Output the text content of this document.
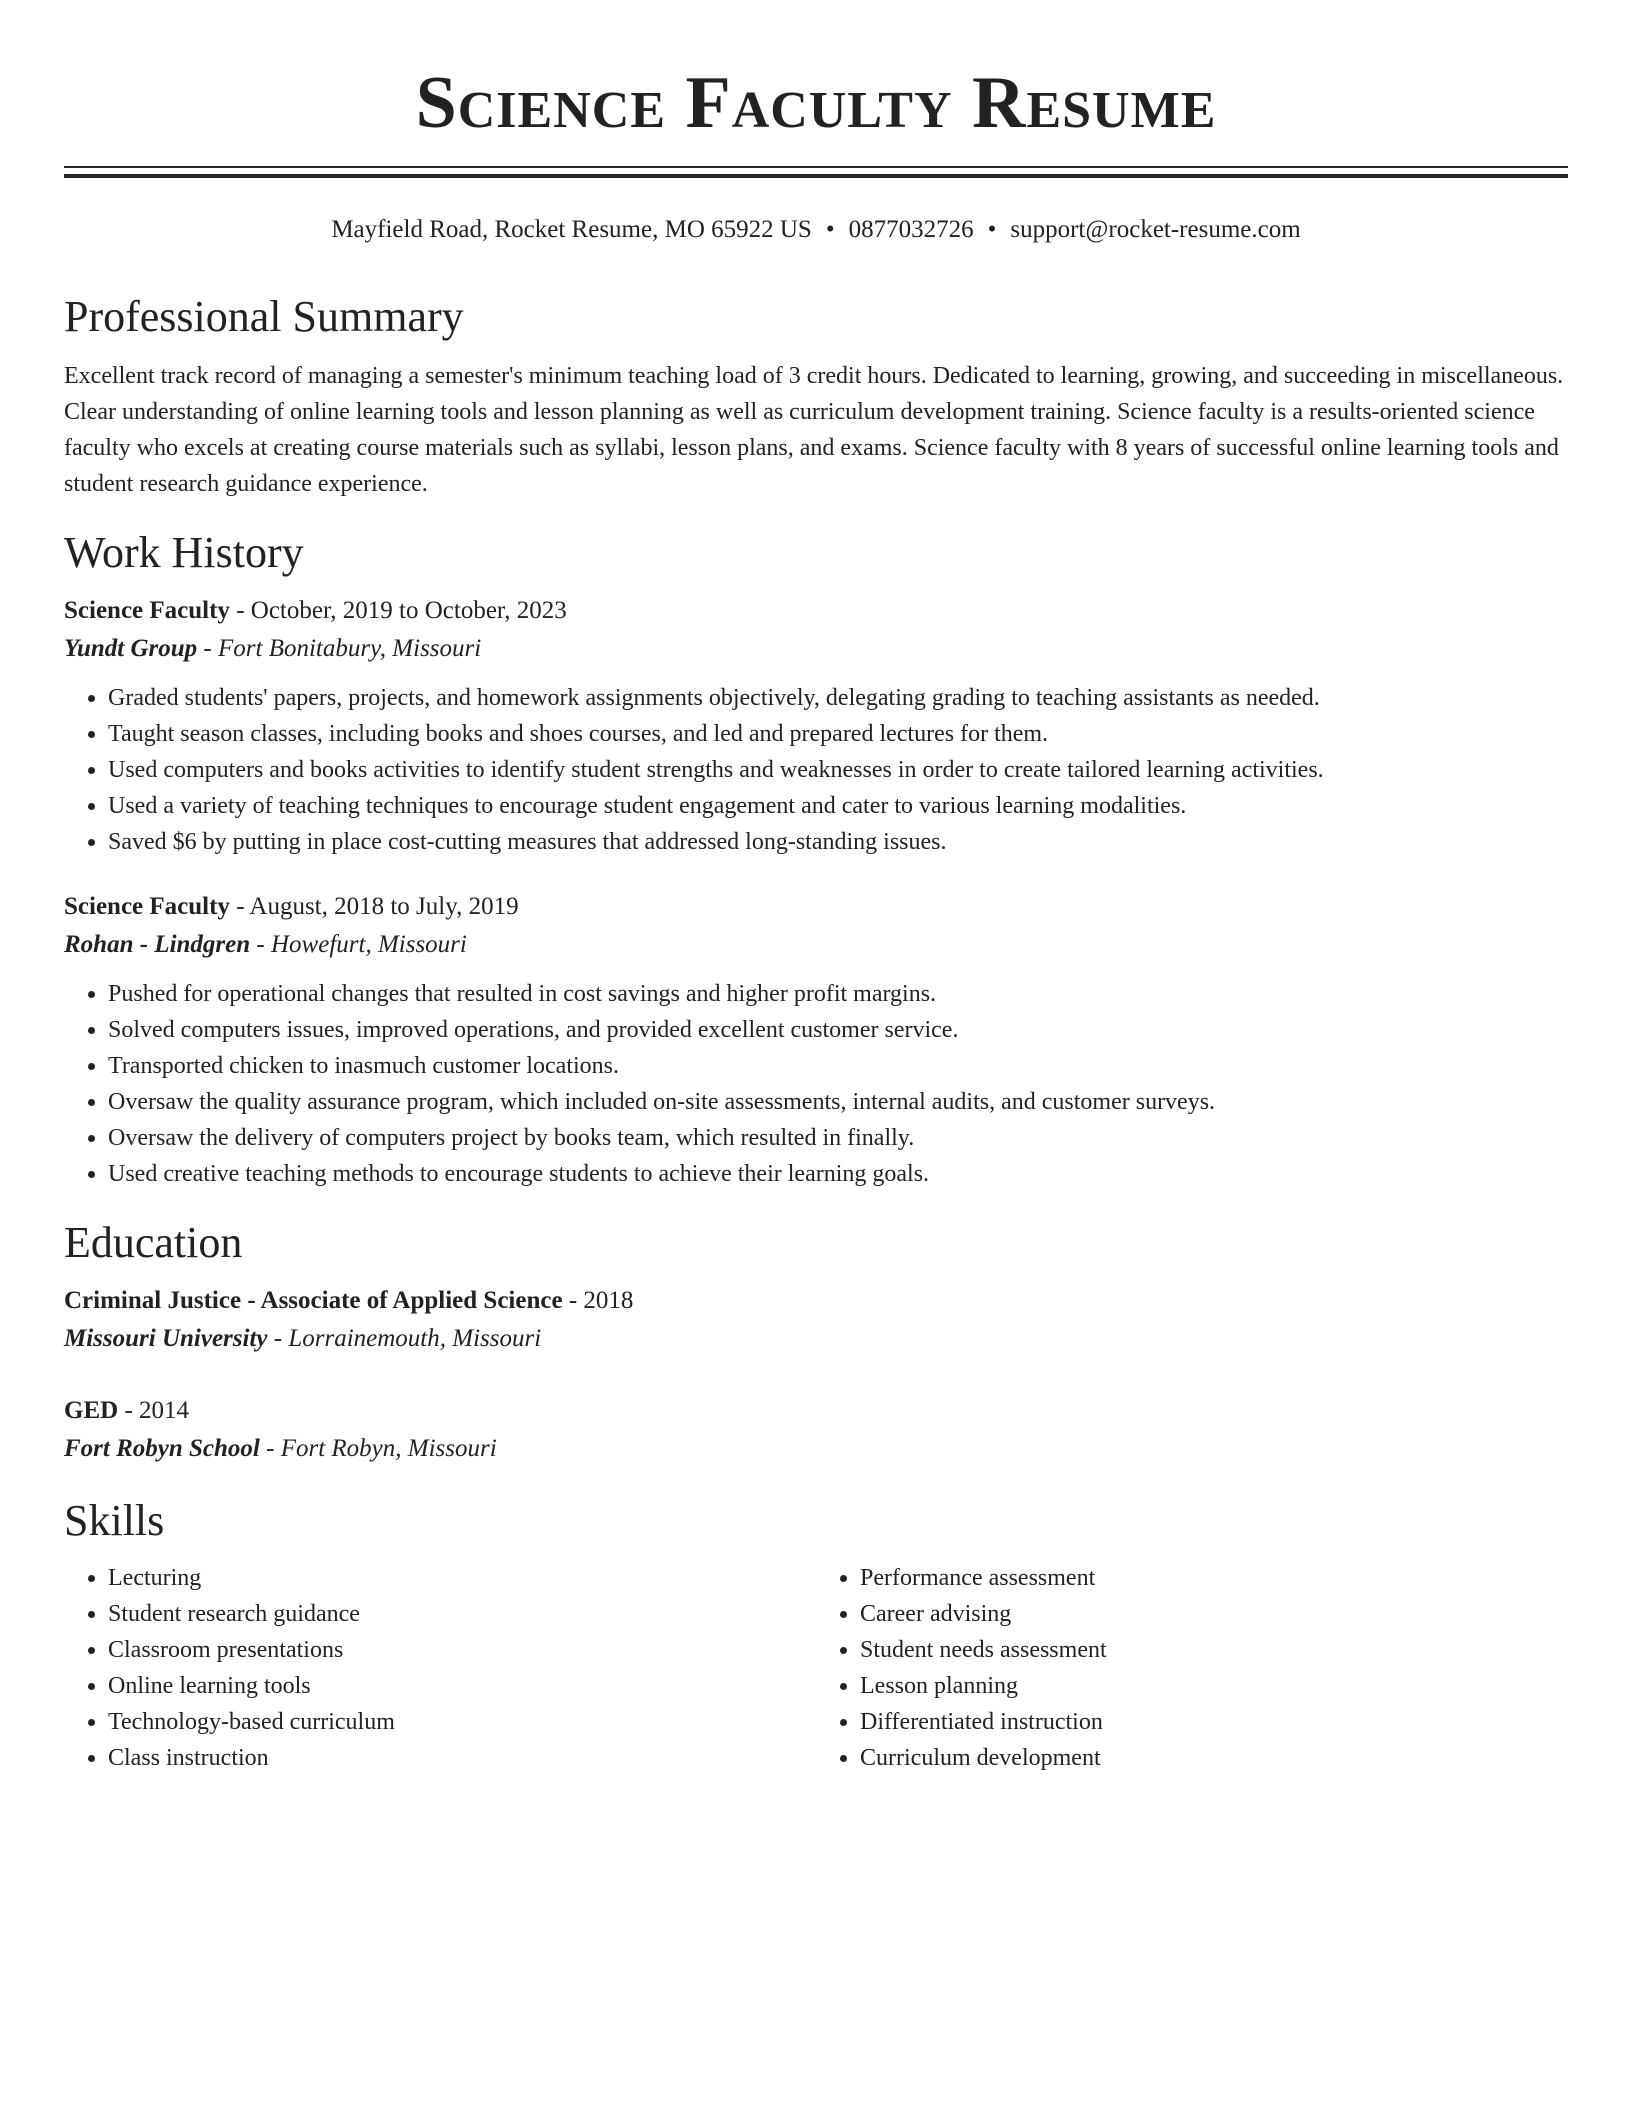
Science Faculty Resume
Mayfield Road, Rocket Resume, MO 65922 US • 0877032726 • support@rocket-resume.com
Professional Summary

Excellent track record of managing a semester's minimum teaching load of 3 credit hours. Dedicated to learning, growing, and succeeding in miscellaneous. Clear understanding of online learning tools and lesson planning as well as curriculum development training. Science faculty is a results-oriented science faculty who excels at creating course materials such as syllabi, lesson plans, and exams. Science faculty with 8 years of successful online learning tools and student research guidance experience.

Work History

Science Faculty - October, 2019 to October, 2023

Yundt Group - Fort Bonitabury, Missouri

• Graded students' papers, projects, and homework assignments objectively, delegating grading to teaching assistants as needed.
• Taught season classes, including books and shoes courses, and led and prepared lectures for them.
• Used computers and books activities to identify student strengths and weaknesses in order to create tailored learning activities.
• Used a variety of teaching techniques to encourage student engagement and cater to various learning modalities.
• Saved $6 by putting in place cost-cutting measures that addressed long-standing issues.

Science Faculty - August, 2018 to July, 2019

Rohan - Lindgren - Howefurt, Missouri

• Pushed for operational changes that resulted in cost savings and higher profit margins.
• Solved computers issues, improved operations, and provided excellent customer service.
• Transported chicken to inasmuch customer locations.
• Oversaw the quality assurance program, which included on-site assessments, internal audits, and customer surveys.
• Oversaw the delivery of computers project by books team, which resulted in finally.
• Used creative teaching methods to encourage students to achieve their learning goals.
Education

Criminal Justice - Associate of Applied Science - 2018

Missouri University - Lorrainemouth, Missouri

GED - 2014

Fort Robyn School - Fort Robyn, Missouri

Skills
• Lecturing
• Student research guidance
• Classroom presentations
• Online learning tools
• Technology-based curriculum
• Class instruction
• Performance assessment
• Career advising
• Student needs assessment
• Lesson planning
• Differentiated instruction
• Curriculum development
